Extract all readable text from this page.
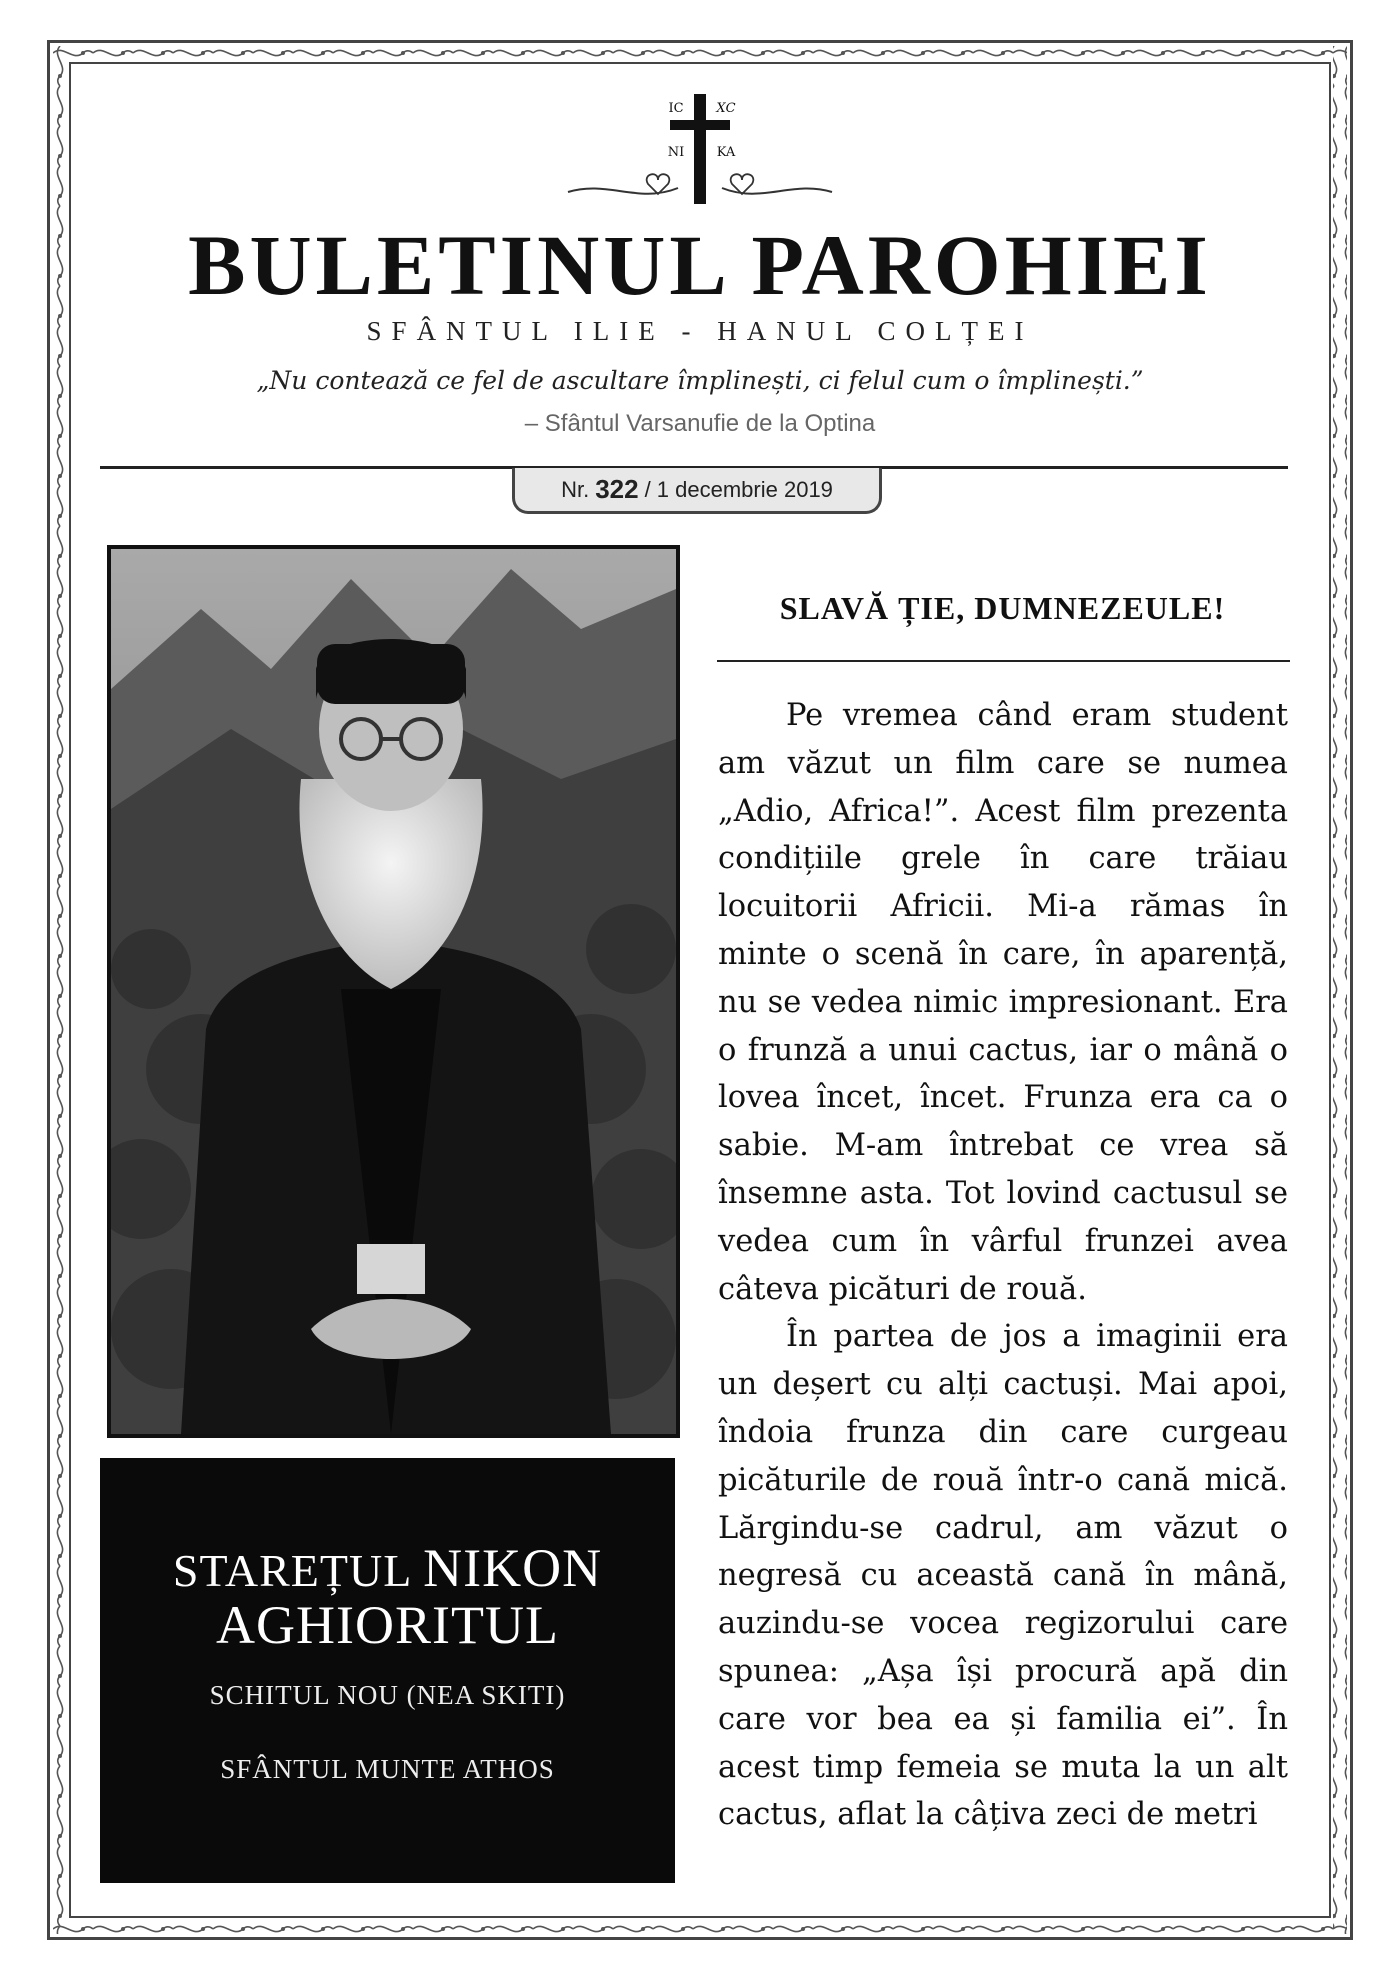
IC	ΧC
NI KA
BULETINUL PAROHIEI
SFÂNTUL ILIE - HANUL COLȚEI
„Nu contează ce fel de ascultare împlinești, ci felul cum o împlinești.”
– Sfântul Varsanufie de la Optina
Nr. 322 / 1 decembrie 2019
STAREȚUL NIKON
AGHIORITUL
SCHITUL NOU (NEA SKITI)
SFÂNTUL MUNTE ATHOS
SLAVĂ ȚIE, DUMNEZEULE!

Pe vremea când eram student am văzut un film care se numea „Adio, Africa!”. Acest film prezenta condițiile grele în care trăiau locuitorii Africii. Mi-a rămas în minte o scenă în care, în aparență, nu se vedea nimic impresionant. Era o frunză a unui cactus, iar o mână o lovea încet, încet. Frunza era ca o sabie. M-am întrebat ce vrea să însemne asta. Tot lovind cactusul se vedea cum în vârful frunzei avea câteva picături de rouă.

În partea de jos a imaginii era un deșert cu alți cactuși. Mai apoi, îndoia frunza din care curgeau picăturile de rouă într-o cană mică. Lărgindu-se cadrul, am văzut o negresă cu această cană în mână, auzindu-se vocea regizorului care spunea: „Așa își procură apă din care vor bea ea și familia ei”. În acest timp femeia se muta la un alt cactus, aflat la câțiva zeci de metri
